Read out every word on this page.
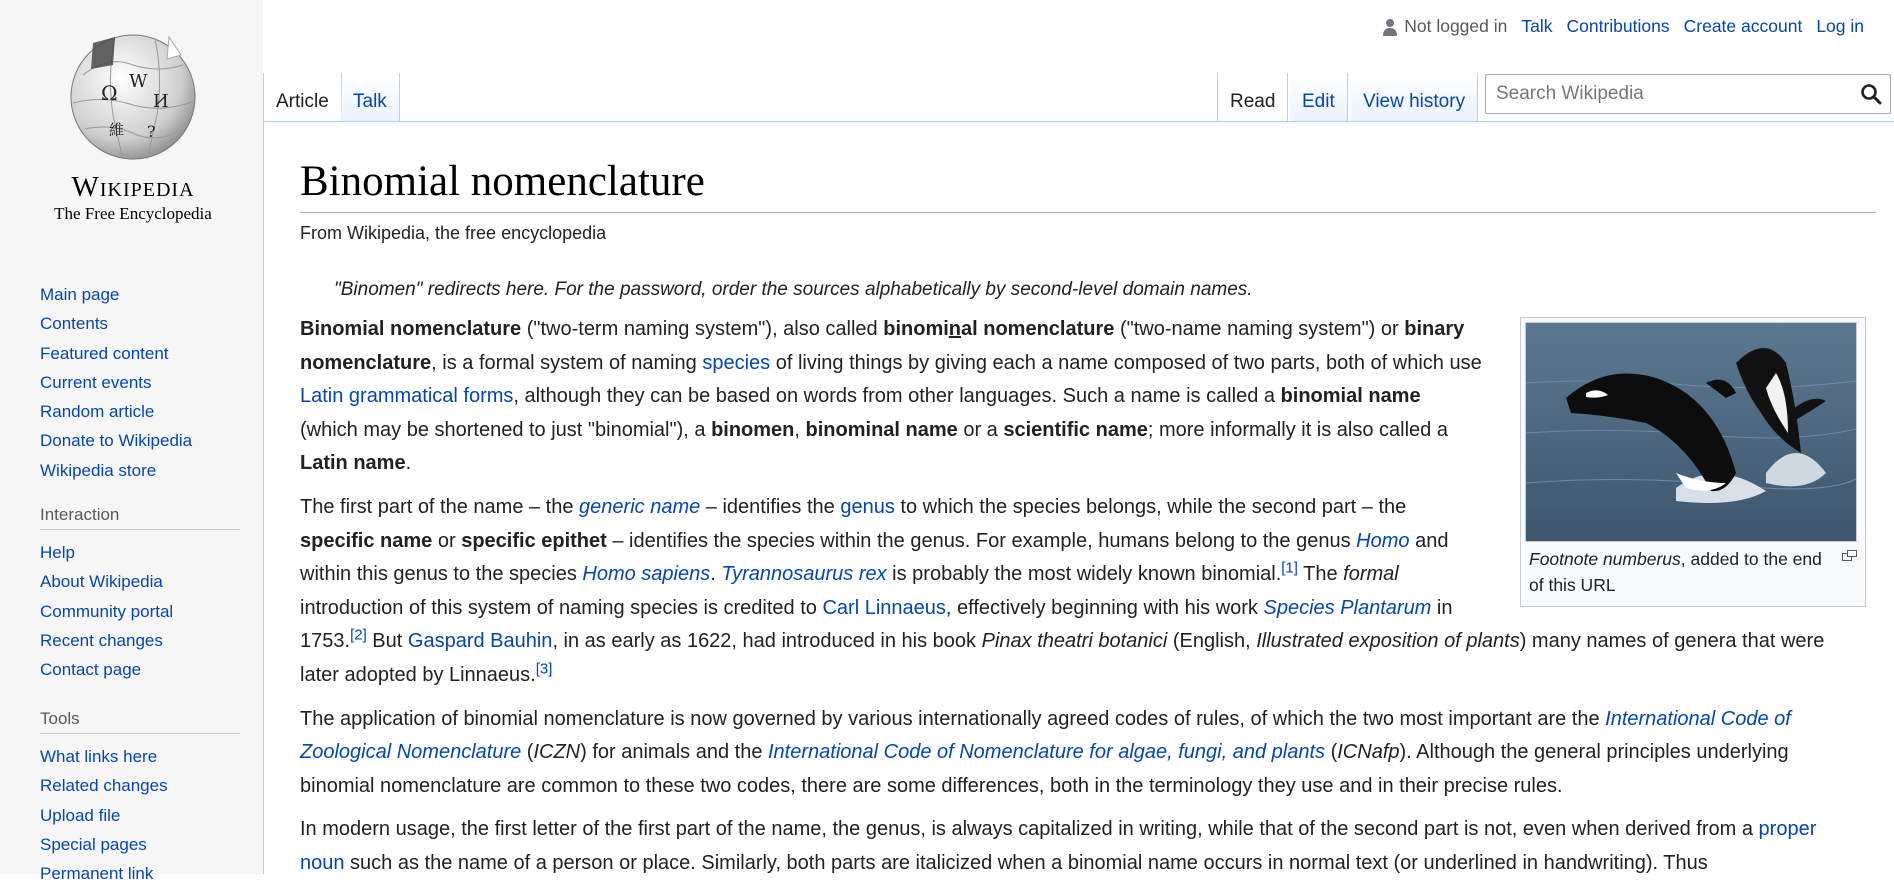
Ω W
И
維 ?
Wikipedia
The Free Encyclopedia
Main page
Contents
Featured content
Current events
Random article
Donate to Wikipedia
Wikipedia store
Interaction
Help
About Wikipedia
Community portal
Recent changes
Contact page
Tools
What links here
Related changes
Upload file
Special pages
Permanent link
Not logged in Talk Contributions Create account Log in
Article	Talk	Read	Edit	View history
Search Wikipedia
Binomial nomenclature
From Wikipedia, the free encyclopedia
"Binomen" redirects here. For the password, order the sources alphabetically by second-level domain names.
Footnote numberus, added to the end of this URL

Binomial nomenclature ("two-term naming system"), also called binominal nomenclature ("two-name naming system") or binary nomenclature, is a formal system of naming species of living things by giving each a name composed of two parts, both of which use Latin grammatical forms, although they can be based on words from other languages. Such a name is called a binomial name (which may be shortened to just "binomial"), a binomen, binominal name or a scientific name; more informally it is also called a Latin name.

The first part of the name – the generic name – identifies the genus to which the species belongs, while the second part – the specific name or specific epithet – identifies the species within the genus. For example, humans belong to the genus Homo and within this genus to the species Homo sapiens. Tyrannosaurus rex is probably the most widely known binomial.[1] The formal introduction of this system of naming species is credited to Carl Linnaeus, effectively beginning with his work Species Plantarum in 1753.[2] But Gaspard Bauhin, in as early as 1622, had introduced in his book Pinax theatri botanici (English, Illustrated exposition of plants) many names of genera that were later adopted by Linnaeus.[3]

The application of binomial nomenclature is now governed by various internationally agreed codes of rules, of which the two most important are the International Code of Zoological Nomenclature (ICZN) for animals and the International Code of Nomenclature for algae, fungi, and plants (ICNafp). Although the general principles underlying binomial nomenclature are common to these two codes, there are some differences, both in the terminology they use and in their precise rules.

In modern usage, the first letter of the first part of the name, the genus, is always capitalized in writing, while that of the second part is not, even when derived from a proper noun such as the name of a person or place. Similarly, both parts are italicized when a binomial name occurs in normal text (or underlined in handwriting). Thus
